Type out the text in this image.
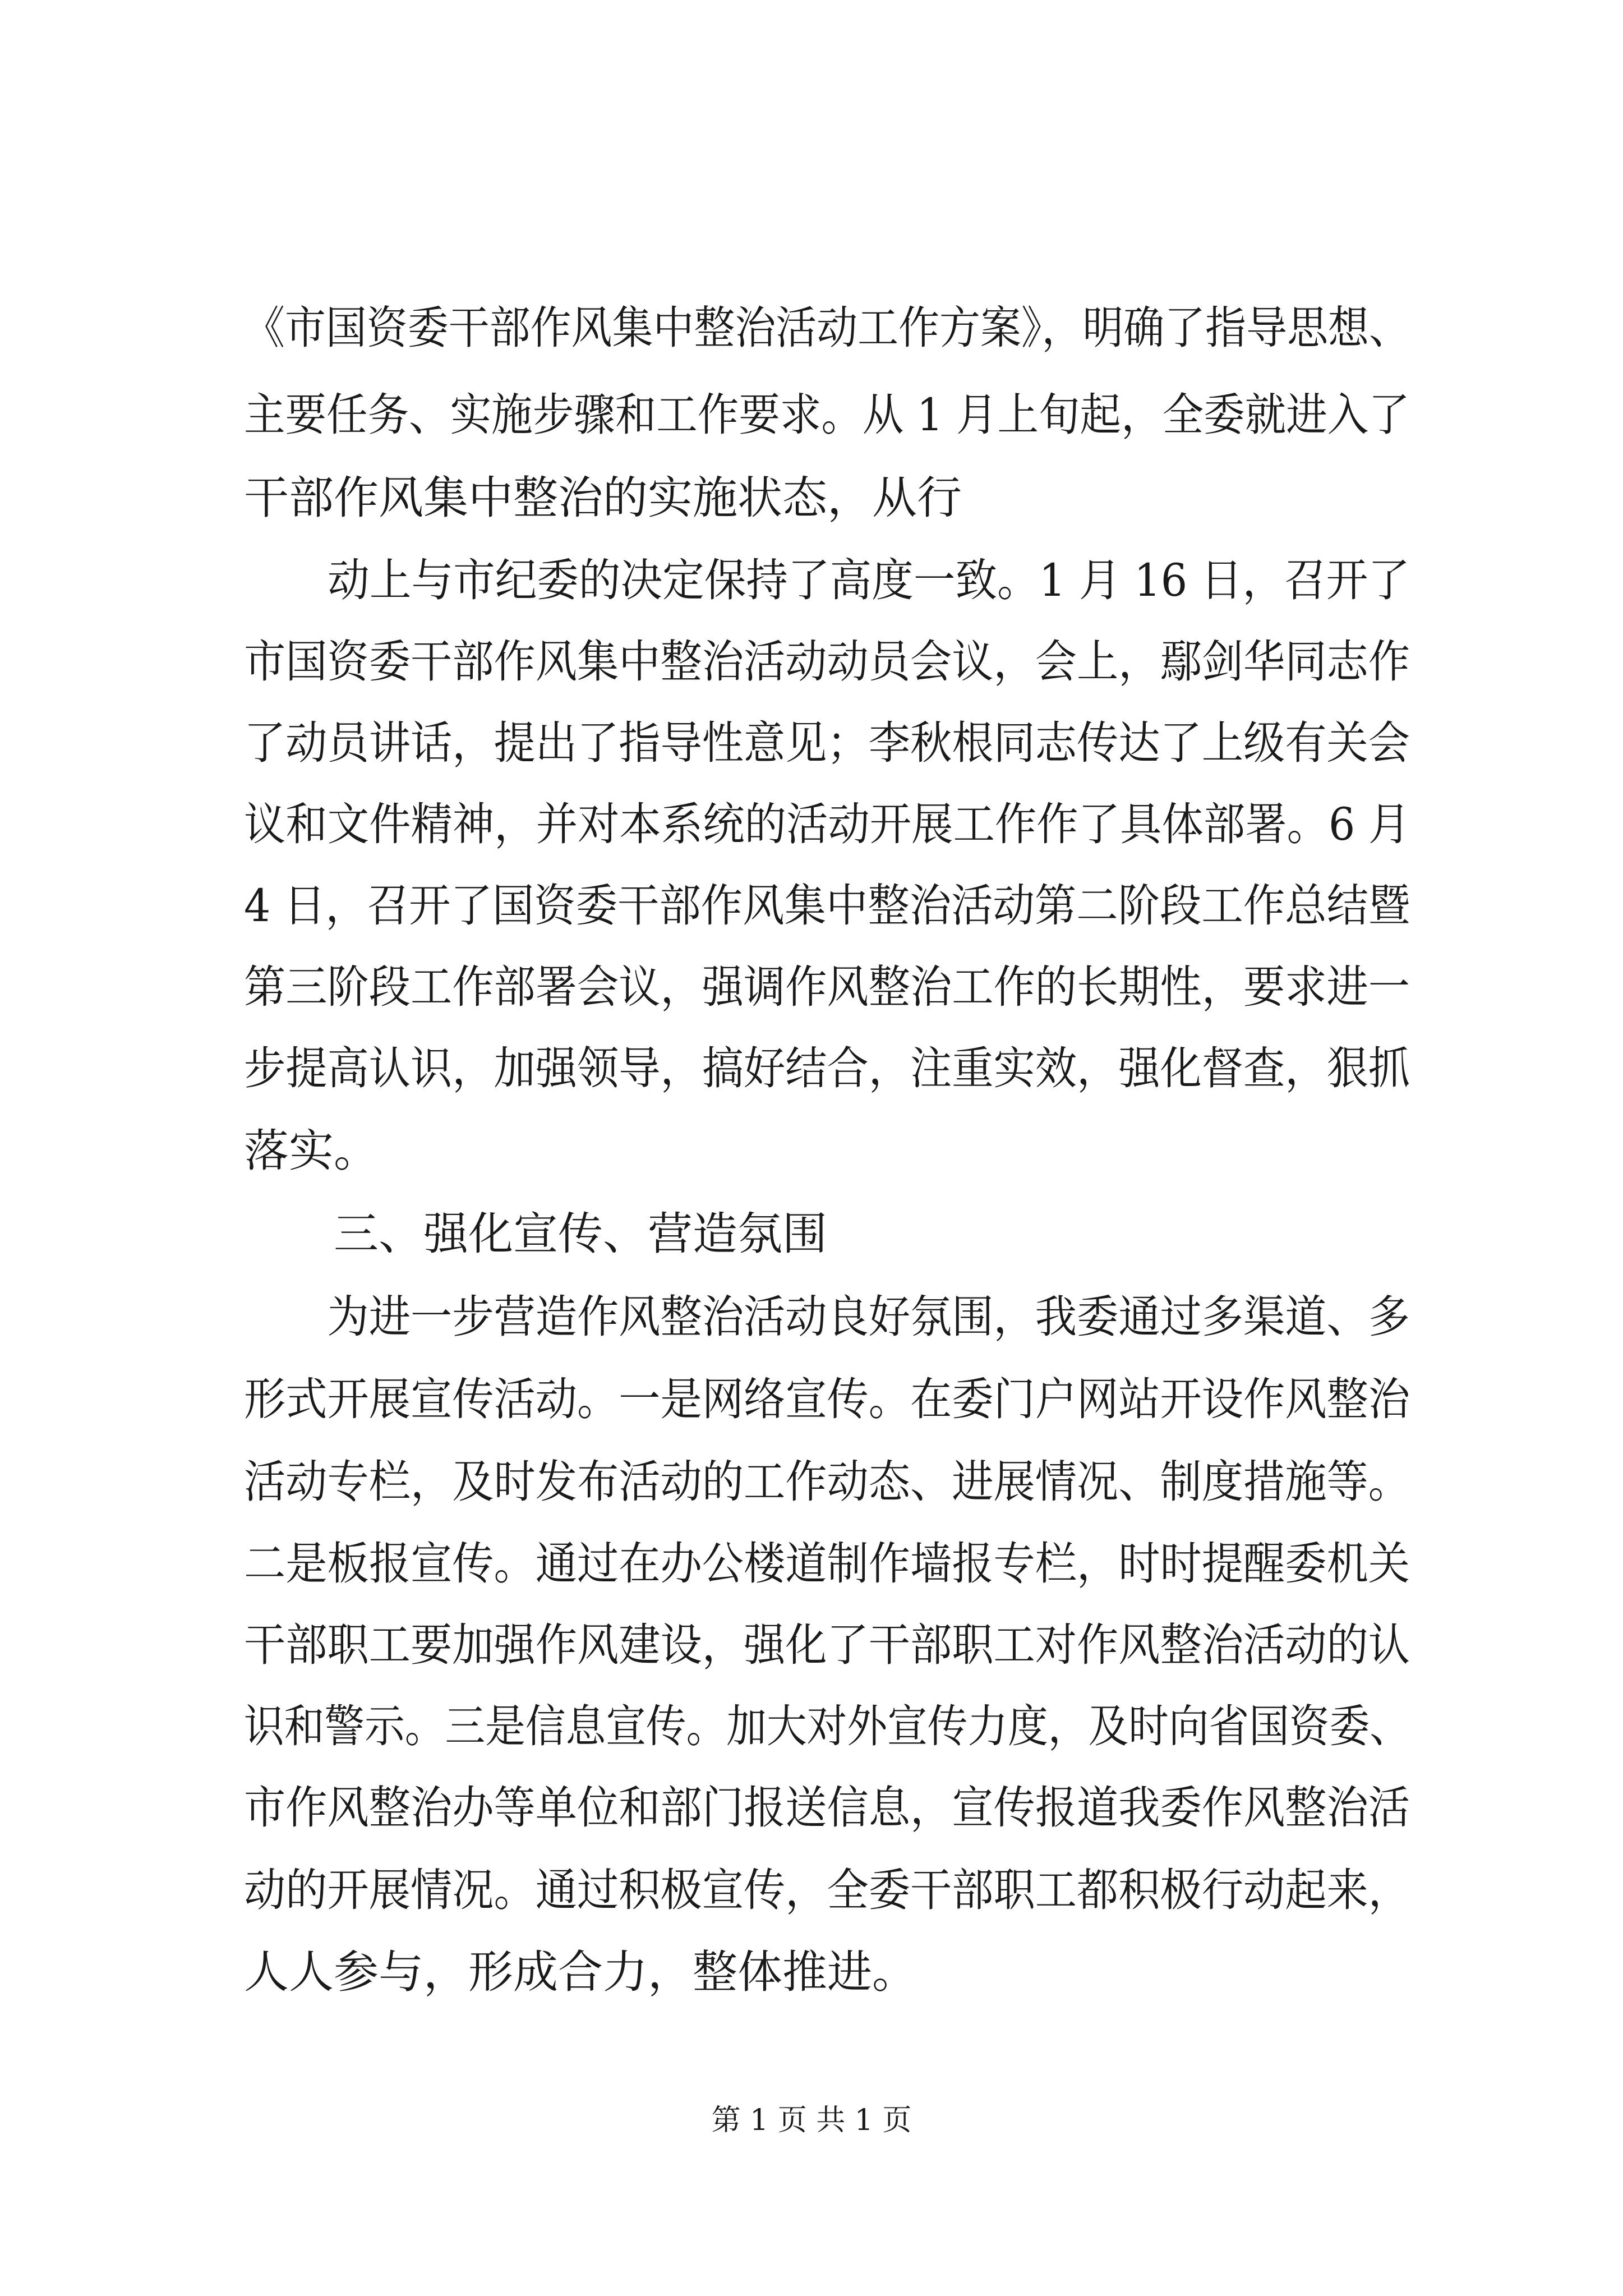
《市国资委干部作风集中整治活动工作方案》，明确了指导思想、
主要任务、实施步骤和工作要求。从 1 月上旬起，全委就进入了
干部作风集中整治的实施状态，从行
　　动上与市纪委的决定保持了高度一致。1 月 16 日，召开了
市国资委干部作风集中整治活动动员会议，会上，鄢剑华同志作
了动员讲话，提出了指导性意见；李秋根同志传达了上级有关会
议和文件精神，并对本系统的活动开展工作作了具体部署。6 月
4 日，召开了国资委干部作风集中整治活动第二阶段工作总结暨
第三阶段工作部署会议，强调作风整治工作的长期性，要求进一
步提高认识，加强领导，搞好结合，注重实效，强化督查，狠抓
落实。
　　三、强化宣传、营造氛围
　　为进一步营造作风整治活动良好氛围，我委通过多渠道、多
形式开展宣传活动。一是网络宣传。在委门户网站开设作风整治
活动专栏，及时发布活动的工作动态、进展情况、制度措施等。
二是板报宣传。通过在办公楼道制作墙报专栏，时时提醒委机关
干部职工要加强作风建设，强化了干部职工对作风整治活动的认
识和警示。三是信息宣传。加大对外宣传力度，及时向省国资委、
市作风整治办等单位和部门报送信息，宣传报道我委作风整治活
动的开展情况。通过积极宣传，全委干部职工都积极行动起来，
人人参与，形成合力，整体推进。
第 1 页 共 1 页
